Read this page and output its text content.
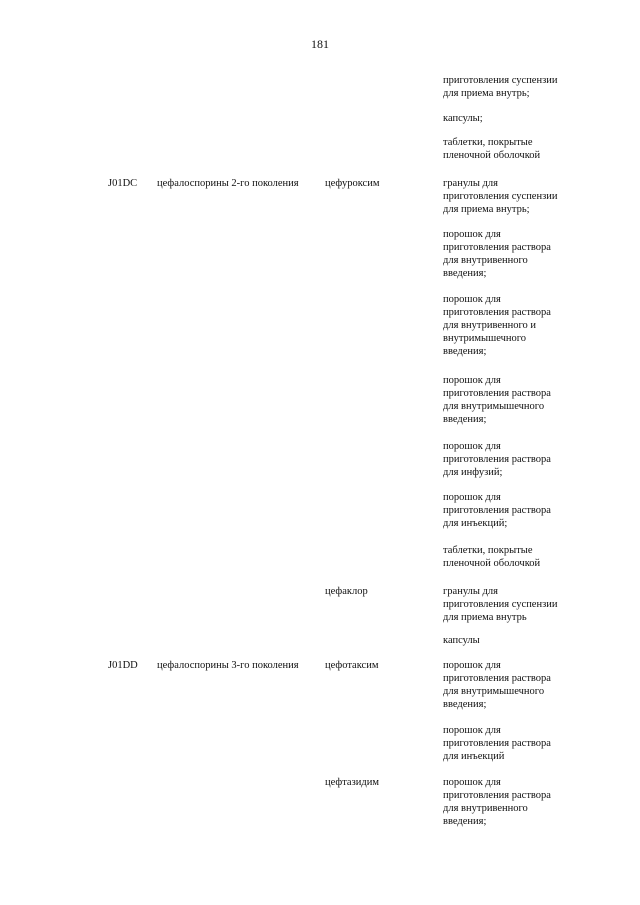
181
приготовления суспензии
для приема внутрь;
капсулы;
таблетки, покрытые
пленочной оболочкой
J01DC цефалоспорины 2-го поколения	цефуроксим	гранулы для
приготовления суспензии
для приема внутрь;
порошок для
приготовления раствора
для внутривенного
введения;
порошок для
приготовления раствора
для внутривенного и
внутримышечного
введения;
порошок для
приготовления раствора
для внутримышечного
введения;
порошок для
приготовления раствора
для инфузий;
порошок для
приготовления раствора
для инъекций;
таблетки, покрытые
пленочной оболочкой
цефаклор	гранулы для
приготовления суспензии
для приема внутрь
капсулы
J01DD цефалоспорины 3-го поколения	цефотаксим	порошок для
приготовления раствора
для внутримышечного
введения;
порошок для
приготовления раствора
для инъекций
цефтазидим	порошок для
приготовления раствора
для внутривенного
введения;
